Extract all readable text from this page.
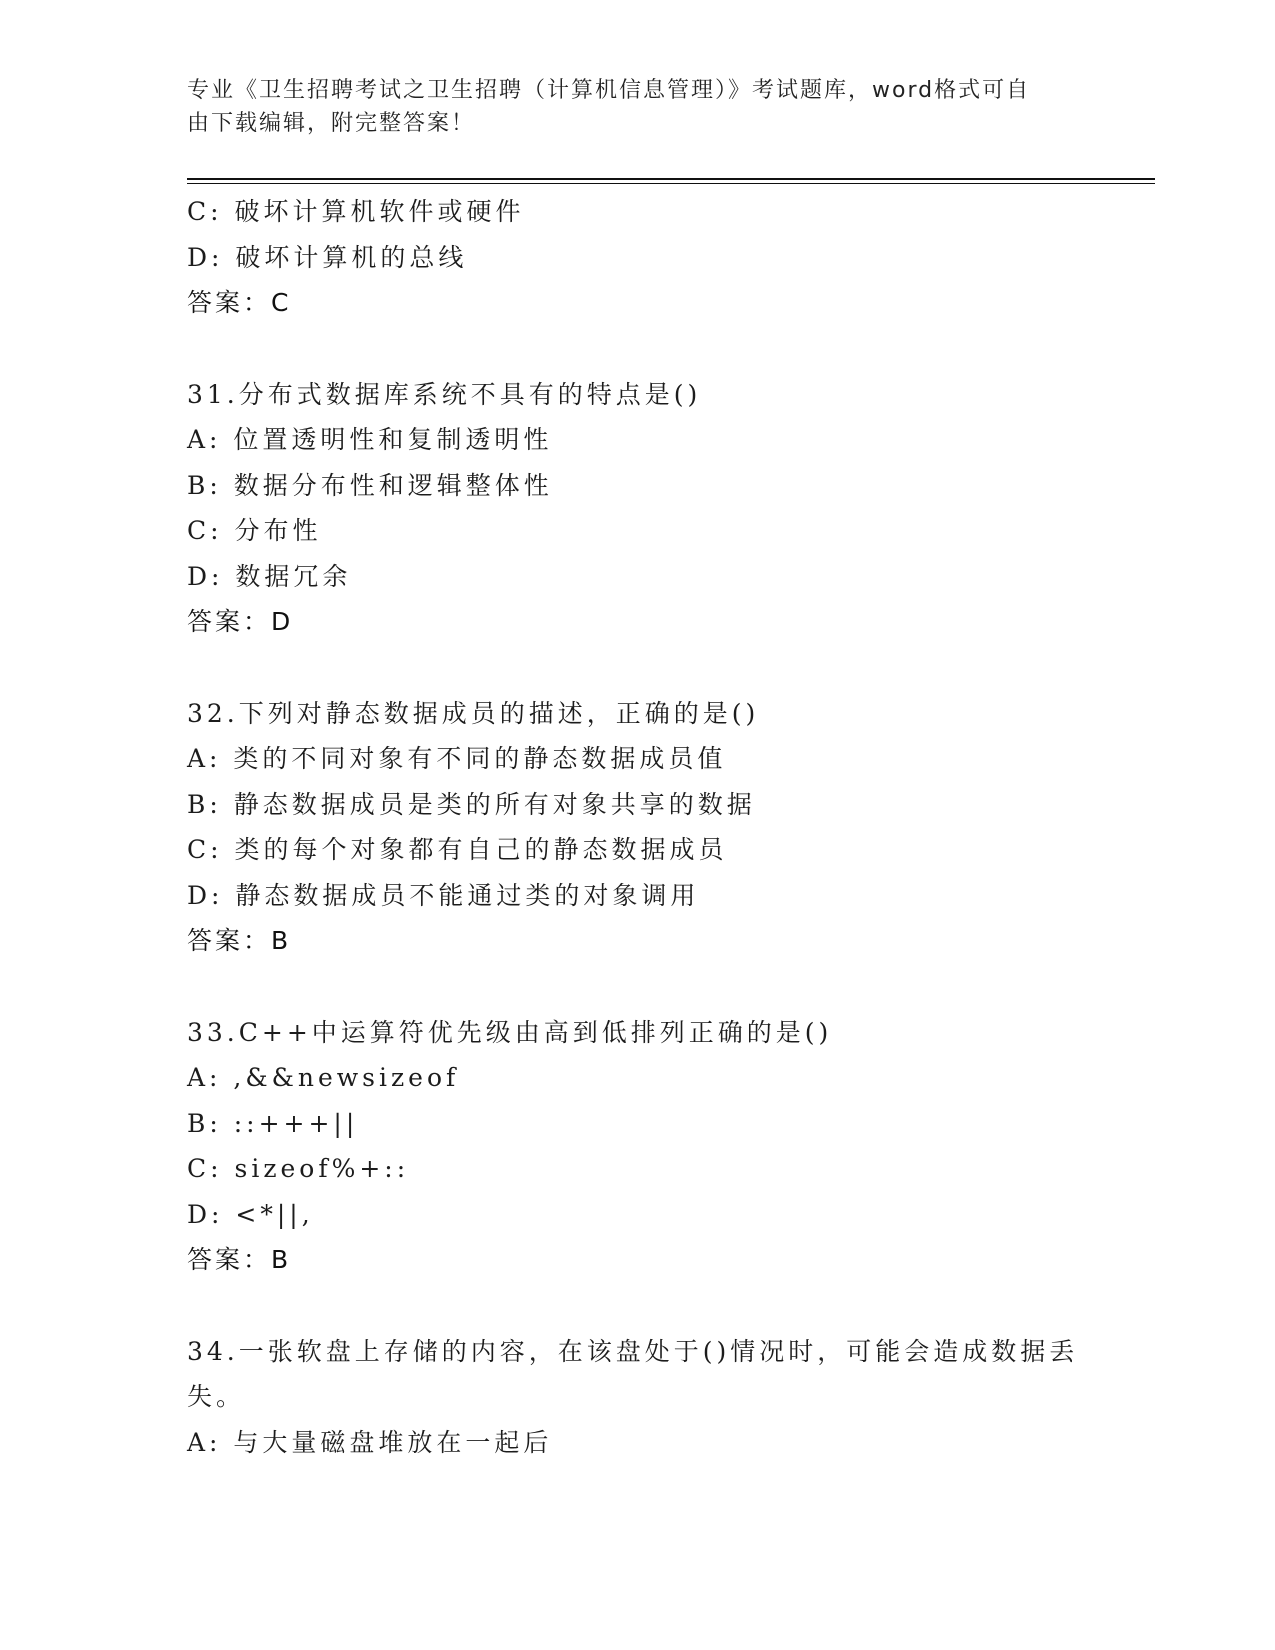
专业《卫生招聘考试之卫生招聘（计算机信息管理）》考试题库，word格式可自
由下载编辑，附完整答案！
C: 破坏计算机软件或硬件
D: 破坏计算机的总线
答案：C
31.分布式数据库系统不具有的特点是()
A: 位置透明性和复制透明性
B: 数据分布性和逻辑整体性
C: 分布性
D: 数据冗余
答案：D
32.下列对静态数据成员的描述，正确的是()
A: 类的不同对象有不同的静态数据成员值
B: 静态数据成员是类的所有对象共享的数据
C: 类的每个对象都有自己的静态数据成员
D: 静态数据成员不能通过类的对象调用
答案：B
33.C++中运算符优先级由高到低排列正确的是()
A: ,&&newsizeof
B: ::+++||
C: sizeof%+::
D: <*||,
答案：B
34.一张软盘上存储的内容，在该盘处于()情况时，可能会造成数据丢
失。
A: 与大量磁盘堆放在一起后
